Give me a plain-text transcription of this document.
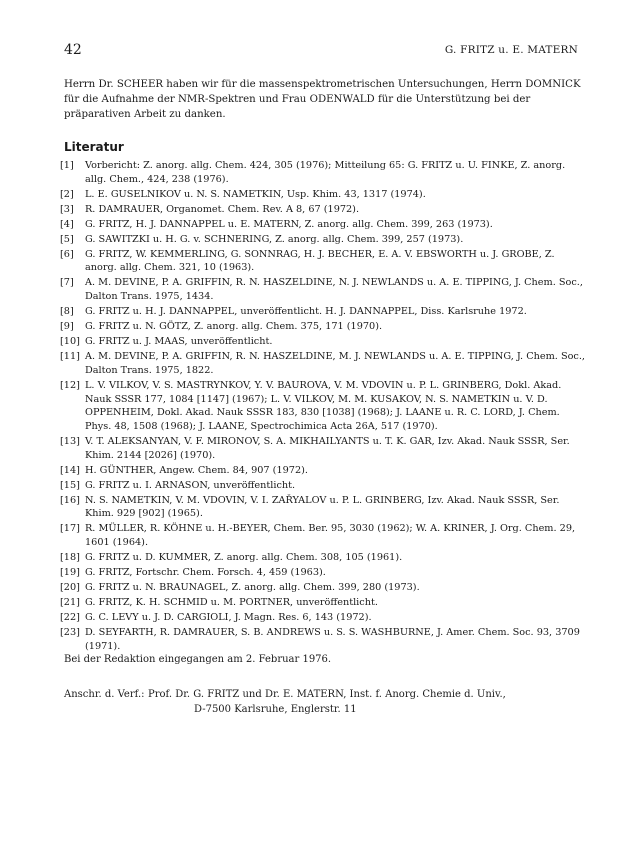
42	G. FRITZ u. E. MATERN
Herrn Dr. SCHEER haben wir für die massenspektrometrischen Untersuchungen, Herrn DOMNICK für die Aufnahme der NMR-Spektren und Frau ODENWALD für die Unterstützung bei der präparativen Arbeit zu danken.
Literatur
[1]	Vorbericht: Z. anorg. allg. Chem. 424, 305 (1976); Mitteilung 65: G. FRITZ u. U. FINKE, Z. anorg. allg. Chem., 424, 238 (1976).
[2]	L. E. GUSELNIKOV u. N. S. NAMETKIN, Usp. Khim. 43, 1317 (1974).
[3]	R. DAMRAUER, Organomet. Chem. Rev. A 8, 67 (1972).
[4]	G. FRITZ, H. J. DANNAPPEL u. E. MATERN, Z. anorg. allg. Chem. 399, 263 (1973).
[5]	G. SAWITZKI u. H. G. v. SCHNERING, Z. anorg. allg. Chem. 399, 257 (1973).
[6]	G. FRITZ, W. KEMMERLING, G. SONNRAG, H. J. BECHER, E. A. V. EBSWORTH u. J. GROBE, Z. anorg. allg. Chem. 321, 10 (1963).
[7]	A. M. DEVINE, P. A. GRIFFIN, R. N. HASZELDINE, N. J. NEWLANDS u. A. E. TIPPING, J. Chem. Soc., Dalton Trans. 1975, 1434.
[8]	G. FRITZ u. H. J. DANNAPPEL, unveröffentlicht. H. J. DANNAPPEL, Diss. Karlsruhe 1972.
[9]	G. FRITZ u. N. GÖTZ, Z. anorg. allg. Chem. 375, 171 (1970).
[10] G. FRITZ u. J. MAAS, unveröffentlicht.
[11] A. M. DEVINE, P. A. GRIFFIN, R. N. HASZELDINE, M. J. NEWLANDS u. A. E. TIPPING, J. Chem. Soc., Dalton Trans. 1975, 1822.
[12] L. V. VILKOV, V. S. MASTRYNKOV, Y. V. BAUROVA, V. M. VDOVIN u. P. L. GRINBERG, Dokl. Akad. Nauk SSSR 177, 1084 [1147] (1967); L. V. VILKOV, M. M. KUSAKOV, N. S. NAMETKIN u. V. D. OPPENHEIM, Dokl. Akad. Nauk SSSR 183, 830 [1038] (1968); J. LAANE u. R. C. LORD, J. Chem. Phys. 48, 1508 (1968); J. LAANE, Spectrochimica Acta 26A, 517 (1970).
[13] V. T. ALEKSANYAN, V. F. MIRONOV, S. A. MIKHAILYANTS u. T. K. GAR, Izv. Akad. Nauk SSSR, Ser. Khim. 2144 [2026] (1970).
[14] H. GÜNTHER, Angew. Chem. 84, 907 (1972).
[15] G. FRITZ u. I. ARNASON, unveröffentlicht.
[16] N. S. NAMETKIN, V. M. VDOVIN, V. I. ZAŘYALOV u. P. L. GRINBERG, Izv. Akad. Nauk SSSR, Ser. Khim. 929 [902] (1965).
[17] R. MÜLLER, R. KÖHNE u. H.-BEYER, Chem. Ber. 95, 3030 (1962); W. A. KRINER, J. Org. Chem. 29, 1601 (1964).
[18] G. FRITZ u. D. KUMMER, Z. anorg. allg. Chem. 308, 105 (1961).
[19] G. FRITZ, Fortschr. Chem. Forsch. 4, 459 (1963).
[20] G. FRITZ u. N. BRAUNAGEL, Z. anorg. allg. Chem. 399, 280 (1973).
[21] G. FRITZ, K. H. SCHMID u. M. PORTNER, unveröffentlicht.
[22] G. C. LEVY u. J. D. CARGIOLI, J. Magn. Res. 6, 143 (1972).
[23] D. SEYFARTH, R. DAMRAUER, S. B. ANDREWS u. S. S. WASHBURNE, J. Amer. Chem. Soc. 93, 3709 (1971).
Bei der Redaktion eingegangen am 2. Februar 1976.
Anschr. d. Verf.: Prof. Dr. G. FRITZ und Dr. E. MATERN, Inst. f. Anorg. Chemie d. Univ.,
D-7500 Karlsruhe, Englerstr. 11
